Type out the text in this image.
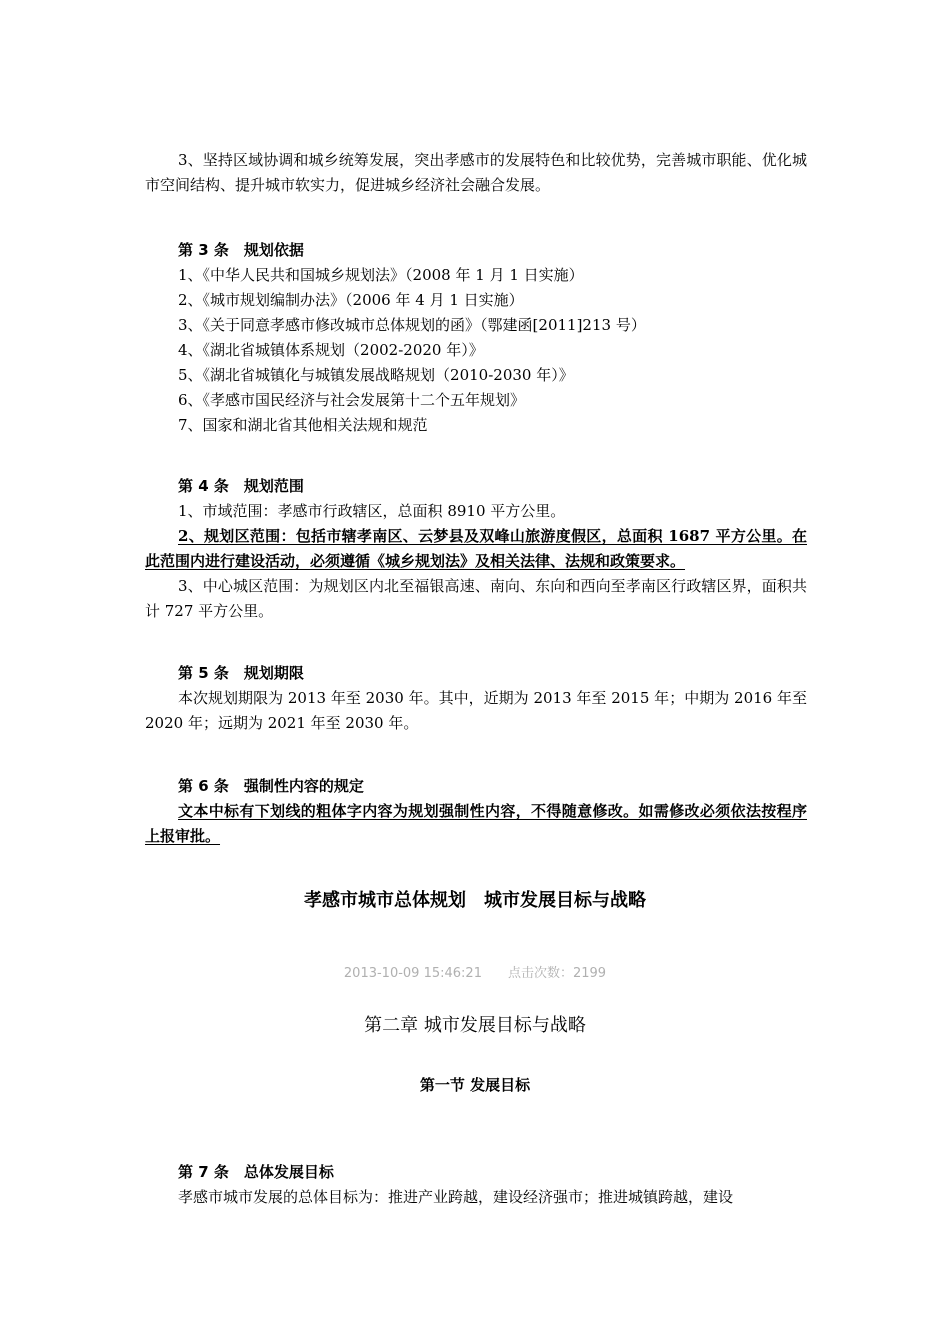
3、坚持区域协调和城乡统筹发展，突出孝感市的发展特色和比较优势，完善城市职能、优化城市空间结构、提升城市软实力，促进城乡经济社会融合发展。
第 3 条　规划依据
1、《中华人民共和国城乡规划法》（2008 年 1 月 1 日实施）
2、《城市规划编制办法》（2006 年 4 月 1 日实施）
3、《关于同意孝感市修改城市总体规划的函》（鄂建函[2011]213 号）
4、《湖北省城镇体系规划（2002-2020 年）》
5、《湖北省城镇化与城镇发展战略规划（2010-2030 年）》
6、《孝感市国民经济与社会发展第十二个五年规划》
7、国家和湖北省其他相关法规和规范
第 4 条　规划范围
1、市域范围：孝感市行政辖区，总面积 8910 平方公里。
2、规划区范围：包括市辖孝南区、云梦县及双峰山旅游度假区，总面积 1687 平方公里。在此范围内进行建设活动，必须遵循《城乡规划法》及相关法律、法规和政策要求。
3、中心城区范围：为规划区内北至福银高速、南向、东向和西向至孝南区行政辖区界，面积共计 727 平方公里。
第 5 条　规划期限
本次规划期限为 2013 年至 2030 年。其中，近期为 2013 年至 2015 年；中期为 2016 年至 2020 年；远期为 2021 年至 2030 年。
第 6 条　强制性内容的规定
文本中标有下划线的粗体字内容为规划强制性内容，不得随意修改。如需修改必须依法按程序上报审批。
孝感市城市总体规划　城市发展目标与战略
2013-10-09 15:46:21 点击次数：2199
第二章 城市发展目标与战略
第一节 发展目标
第 7 条　总体发展目标
孝感市城市发展的总体目标为：推进产业跨越，建设经济强市；推进城镇跨越，建设
